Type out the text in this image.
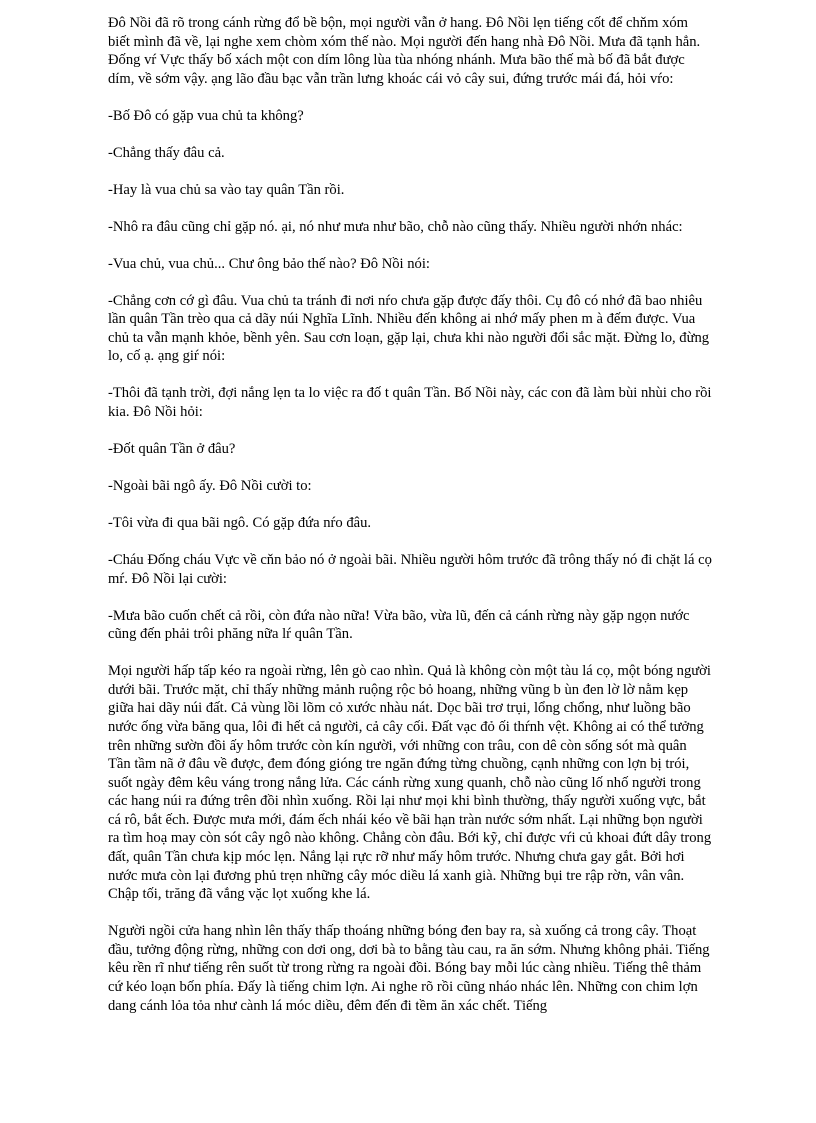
Đô Nồi đã rõ trong cánh rừng đổ bề bộn, mọi người vẫn ở hang. Đô Nồi lẹn tiếng cốt để chňm xóm biết mình đã về, lại nghe xem chòm xóm thế nào. Mọi người đến hang nhà Đô Nồi. Mưa đã tạnh hẳn. Đống vŕ Vực thấy bố xách một con dím lông lùa tùa nhóng nhánh. Mưa bão thế mà bố đã bắt được dím, về sớm vậy. ạng lão đầu bạc vẫn trần lưng khoác cái vỏ cây sui, đứng trước mái đá, hỏi vŕo:

-Bố Đô có gặp vua chủ ta không?

-Chẳng thấy đâu cả.

-Hay là vua chủ sa vào tay quân Tần rồi.

-Nhô ra đâu cũng chỉ gặp nó. ại, nó như mưa như bão, chỗ nào cũng thấy. Nhiều người nhớn nhác:

-Vua chủ, vua chủ... Chư ông bảo thế nào? Đô Nồi nói:

-Chẳng cơn cớ gì đâu. Vua chủ ta tránh đi nơi nŕo chưa gặp được đấy thôi. Cụ đô có nhớ đã bao nhiêu lần quân Tần trèo qua cả dãy núi Nghĩa Lĩnh. Nhiều đến không ai nhớ mấy phen m à đếm được. Vua chủ ta vẫn mạnh khỏe, bềnh yên. Sau cơn loạn, gặp lại, chưa khi nào người đổi sắc mặt. Đừng lo, đừng lo, cố ạ. ạng giŕ nói:

-Thôi đã tạnh trời, đợi nắng lẹn ta lo việc ra đố t quân Tần. Bố Nồi này, các con đã làm bùi nhùi cho rồi kia. Đô Nồi hỏi:

-Đốt quân Tần ở đâu?

-Ngoài bãi ngô ấy. Đô Nồi cười to:

-Tôi vừa đi qua bãi ngô. Có gặp đứa nŕo đâu.

-Cháu Đống cháu Vực về cňn bảo nó ở ngoài bãi. Nhiều người hôm trước đã trông thấy nó đi chặt lá cọ mŕ. Đô Nồi lại cười:

-Mưa bão cuốn chết cả rồi, còn đứa nào nữa! Vừa bão, vừa lũ, đến cả cánh rừng này gặp ngọn nước cũng đến phải trôi phăng nữa lŕ quân Tần.

Mọi người hấp tấp kéo ra ngoài rừng, lên gò cao nhìn. Quả là không còn một tàu lá cọ, một bóng người dưới bãi. Trước mặt, chỉ thấy những mảnh ruộng rộc bỏ hoang, những vũng b ùn đen lờ lờ nằm kẹp giữa hai dãy núi đất. Cả vùng lồi lõm cỏ xước nhàu nát. Dọc bãi trơ trụi, lổng chổng, như luồng bão nước ống vừa băng qua, lôi đi hết cả người, cả cây cối. Đất vạc đỏ ối thŕnh vệt. Không ai có thể tưởng trên những sườn đồi ấy hôm trước còn kín người, với những con trâu, con dê còn sống sót mà quân Tần tầm nã ở đâu về được, đem đóng gióng tre ngăn đứng từng chuồng, cạnh những con lợn bị trói, suốt ngày đêm kêu váng trong nắng lửa. Các cánh rừng xung quanh, chỗ nào cũng lố nhố người trong các hang núi ra đứng trên đồi nhìn xuống. Rồi lại như mọi khi bình thường, thấy người xuống vực, bắt cá rô, bắt ếch. Được mưa mới, đám ếch nhái kéo về bãi hạn tràn nước sớm nhất. Lại những bọn người ra tìm hoạ may còn sót cây ngô nào không. Chẳng còn đâu. Bới kỹ, chỉ được vŕi củ khoai đứt dây trong đất, quân Tần chưa kịp móc lẹn. Nắng lại rực rỡ như mấy hôm trước. Nhưng chưa gay gắt. Bởi hơi nước mưa còn lại đương phủ trẹn những cây móc diều lá xanh già. Những bụi tre rập rờn, vân vân. Chập tối, trăng đã vắng vặc lọt xuống khe lá.

Người ngồi cửa hang nhìn lên thấy thấp thoáng những bóng đen bay ra, sà xuống cả trong cây. Thoạt đầu, tưởng động rừng, những con dơi ong, dơi bà to bằng tàu cau, ra ăn sớm. Nhưng không phải. Tiếng kêu rền rĩ như tiếng rên suốt từ trong rừng ra ngoài đồi. Bóng bay mỗi lúc càng nhiều. Tiếng thê thảm cứ kéo loạn bốn phía. Đấy là tiếng chim lợn. Ai nghe rõ rồi cũng nháo nhác lên. Những con chim lợn dang cánh lỏa tỏa như cành lá móc diều, đêm đến đi tềm ăn xác chết. Tiếng
